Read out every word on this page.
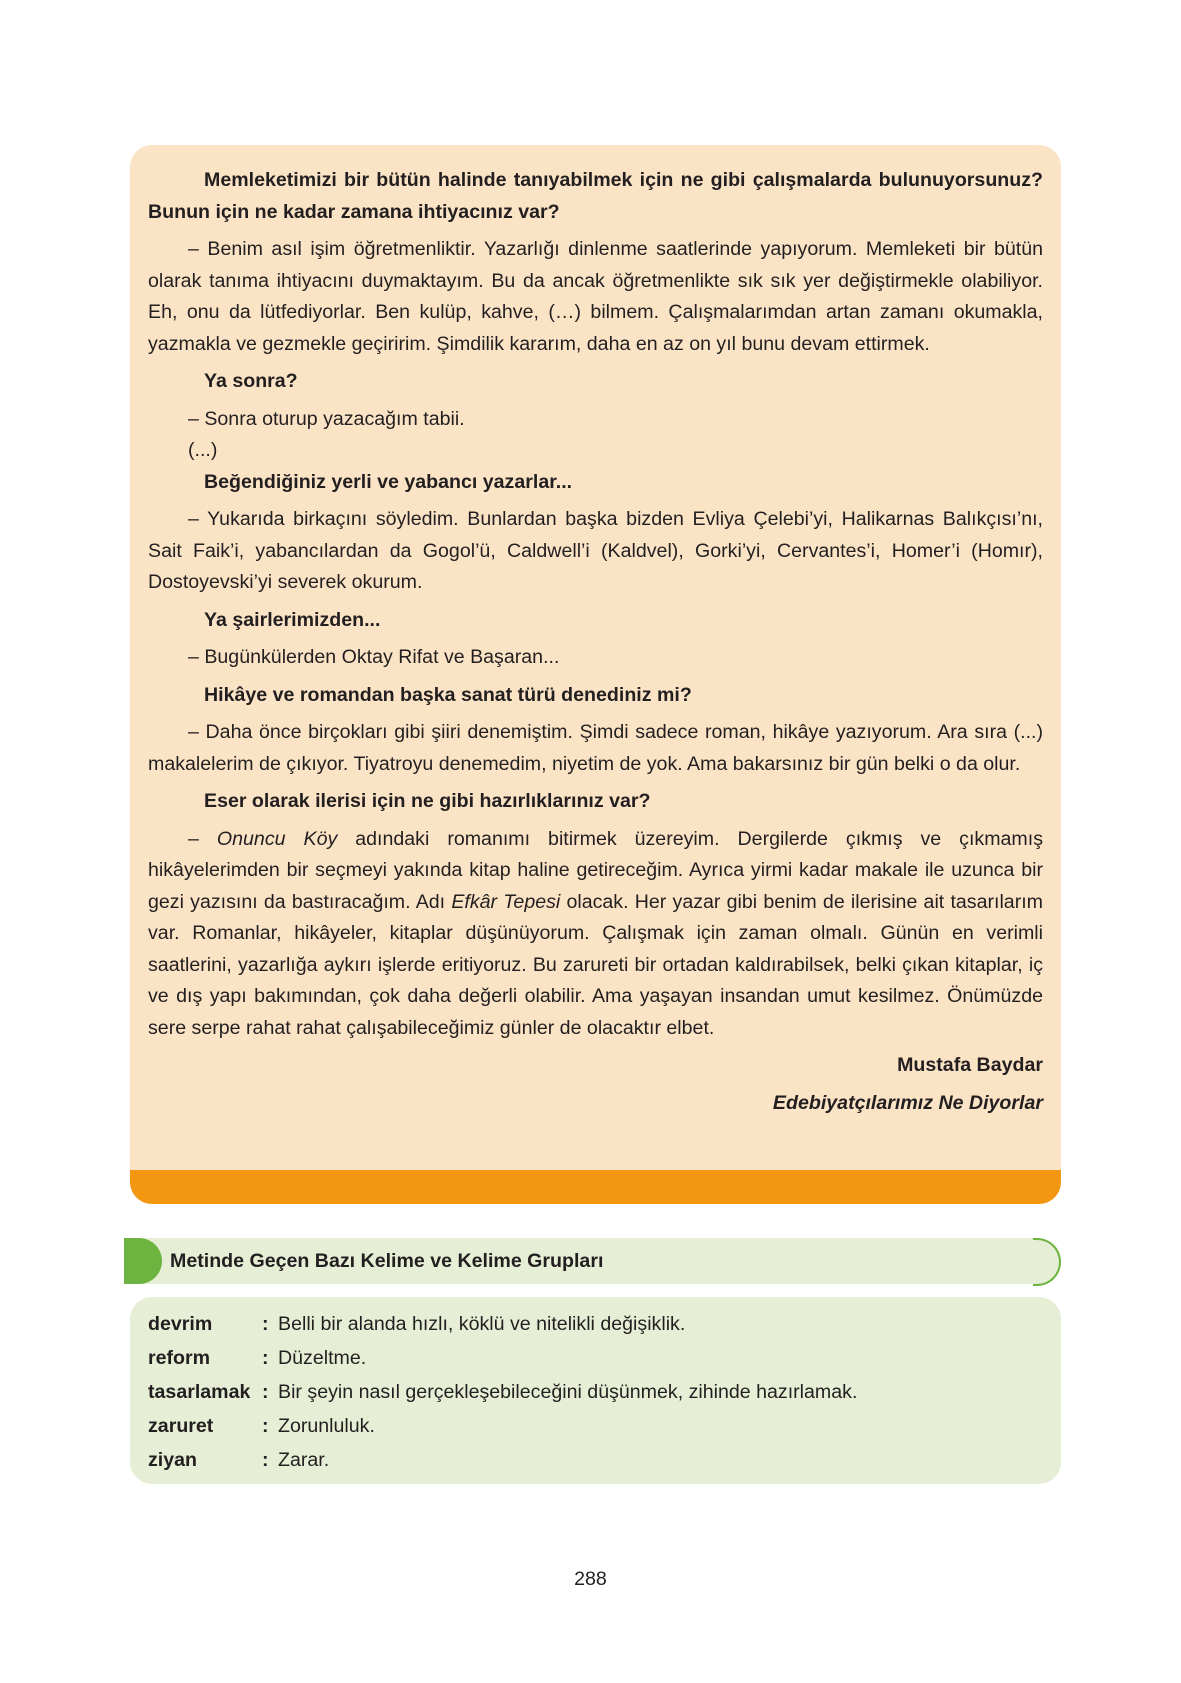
Memleketimizi bir bütün halinde tanıyabilmek için ne gibi çalışmalarda bulunuyorsunuz? Bunun için ne kadar zamana ihtiyacınız var?

– Benim asıl işim öğretmenliktir. Yazarlığı dinlenme saatlerinde yapıyorum. Memleketi bir bütün olarak tanıma ihtiyacını duymaktayım. Bu da ancak öğretmenlikte sık sık yer değiştirmekle olabiliyor. Eh, onu da lütfediyorlar. Ben kulüp, kahve, (…) bilmem. Çalışmalarımdan artan zamanı okumakla, yazmakla ve gezmekle geçiririm. Şimdilik kararım, daha en az on yıl bunu devam ettirmek.

Ya sonra?

– Sonra oturup yazacağım tabii.

(...)

Beğendiğiniz yerli ve yabancı yazarlar...

– Yukarıda birkaçını söyledim. Bunlardan başka bizden Evliya Çelebi’yi, Halikarnas Balıkçısı’nı, Sait Faik’i, yabancılardan da Gogol’ü, Caldwell’i (Kaldvel), Gorki’yi, Cervantes’i, Homer’i (Homır), Dostoyevski’yi severek okurum.

Ya şairlerimizden...

– Bugünkülerden Oktay Rifat ve Başaran...

Hikâye ve romandan başka sanat türü denediniz mi?

– Daha önce birçokları gibi şiiri denemiştim. Şimdi sadece roman, hikâye yazıyorum. Ara sıra (...) makalelerim de çıkıyor. Tiyatroyu denemedim, niyetim de yok. Ama bakarsınız bir gün belki o da olur.

Eser olarak ilerisi için ne gibi hazırlıklarınız var?

– Onuncu Köy adındaki romanımı bitirmek üzereyim. Dergilerde çıkmış ve çıkmamış hikâyelerimden bir seçmeyi yakında kitap haline getireceğim. Ayrıca yirmi kadar makale ile uzunca bir gezi yazısını da bastıracağım. Adı Efkâr Tepesi olacak. Her yazar gibi benim de ilerisine ait tasarılarım var. Romanlar, hikâyeler, kitaplar düşünüyorum. Çalışmak için zaman olmalı. Günün en verimli saatlerini, yazarlığa aykırı işlerde eritiyoruz. Bu zarureti bir ortadan kaldırabilsek, belki çıkan kitaplar, iç ve dış yapı bakımından, çok daha değerli olabilir. Ama yaşayan insandan umut kesilmez. Önümüzde sere serpe rahat rahat çalışabileceğimiz günler de olacaktır elbet.

Mustafa Baydar

Edebiyatçılarımız Ne Diyorlar

Metinde Geçen Bazı Kelime ve Kelime Grupları
devrim	:	Belli bir alanda hızlı, köklü ve nitelikli değişiklik.
reform	:	Düzeltme.
tasarlamak	:	Bir şeyin nasıl gerçekleşebileceğini düşünmek, zihinde hazırlamak.
zaruret	:	Zorunluluk.
ziyan	:	Zarar.
288
